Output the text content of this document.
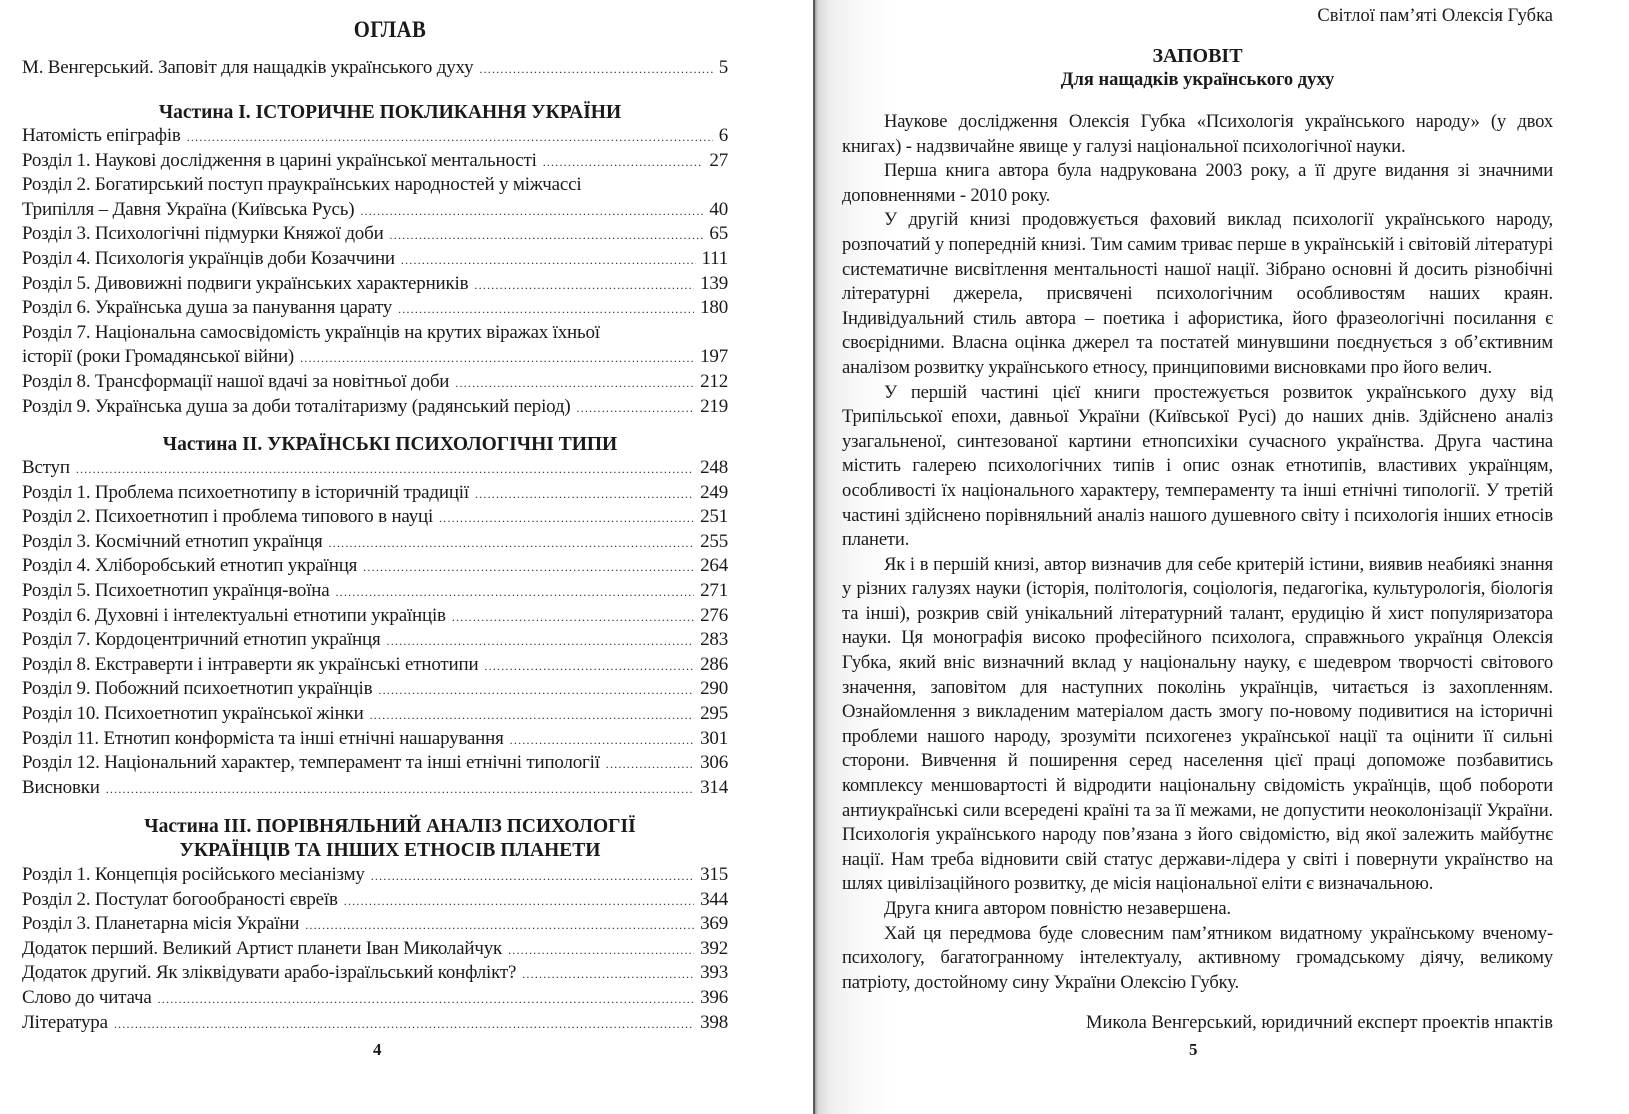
ОГЛАВ
М. Венгерський. Заповіт для нащадків українського духу .....	5
Частина І. ІСТОРИЧНЕ ПОКЛИКАННЯ УКРАЇНИ
Натомість епіграфів .....	6
Розділ 1. Наукові дослідження в царині української ментальності .....	27
Розділ 2. Богатирський поступ праукраїнських народностей у міжчассі
Трипілля – Давня Україна (Київська Русь) .....	40
Розділ 3. Психологічні підмурки Княжої доби .....	65
Розділ 4. Психологія українців доби Козаччини .....	111
Розділ 5. Дивовижні подвиги українських характерників .....	139
Розділ 6. Українська душа за панування царату .....	180
Розділ 7. Національна самосвідомість українців на крутих віражах їхньої
історії (роки Громадянської війни) .....	197
Розділ 8. Трансформації нашої вдачі за новітньої доби .....	212
Розділ 9. Українська душа за доби тоталітаризму (радянський період) .....	219
Частина ІІ. УКРАЇНСЬКІ ПСИХОЛОГІЧНІ ТИПИ
Вступ .....	248
Розділ 1. Проблема психоетнотипу в історичній традиції .....	249
Розділ 2. Психоетнотип і проблема типового в науці .....	251
Розділ 3. Космічний етнотип українця .....	255
Розділ 4. Хліборобський етнотип українця .....	264
Розділ 5. Психоетнотип українця-воїна .....	271
Розділ 6. Духовні і інтелектуальні етнотипи українців .....	276
Розділ 7. Кордоцентричний етнотип українця .....	283
Розділ 8. Екстраверти і інтраверти як українські етнотипи .....	286
Розділ 9. Побожний психоетнотип українців .....	290
Розділ 10. Психоетнотип української жінки .....	295
Розділ 11. Етнотип конформіста та інші етнічні нашарування .....	301
Розділ 12. Національний характер, темперамент та інші етнічні типології .....	306
Висновки .....	314
Частина ІІІ. ПОРІВНЯЛЬНИЙ АНАЛІЗ ПСИХОЛОГІЇ
УКРАЇНЦІВ ТА ІНШИХ ЕТНОСІВ ПЛАНЕТИ
Розділ 1. Концепція російського месіанізму .....	315
Розділ 2. Постулат богообраності євреїв .....	344
Розділ 3. Планетарна місія України .....	369
Додаток перший. Великий Артист планети Іван Миколайчук .....	392
Додаток другий. Як зліквідувати арабо-ізраїльський конфлікт? .....	393
Слово до читача .....	396
Література .....	398
4
Світлої пам’яті Олексія Губка
ЗАПОВІТ
Для нащадків українського духу

Наукове дослідження Олексія Губка «Психологія українського народу» (у двох книгах) - надзвичайне явище у галузі національної психологічної науки.

Перша книга автора була надрукована 2003 року, а її друге видання зі значними доповненнями - 2010 року.

У другій книзі продовжується фаховий виклад психології українського народу, розпочатий у попередній книзі. Тим самим триває перше в українській і світовій літературі систематичне висвітлення ментальності нашої нації. Зібрано основні й досить різнобічні літературні джерела, присвячені психологічним особливостям наших краян. Індивідуальний стиль автора – поетика і афористика, його фразеологічні посилання є своєрідними. Власна оцінка джерел та постатей минувшини поєднується з об’єктивним аналізом розвитку українського етносу, принциповими висновками про його велич.

У першій частині цієї книги простежується розвиток українського духу від Трипільської епохи, давньої України (Київської Русі) до наших днів. Здійснено аналіз узагальненої, синтезованої картини етнопсихіки сучасного українства. Друга частина містить галерею психологічних типів і опис ознак етнотипів, властивих українцям, особливості їх національного характеру, темпераменту та інші етнічні типології. У третій частині здійснено порівняльний аналіз нашого душевного світу і психологія інших етносів планети.

Як і в першій книзі, автор визначив для себе критерій істини, виявив неабиякі знання у різних галузях науки (історія, політологія, соціологія, педагогіка, культурологія, біологія та інші), розкрив свій унікальний літературний талант, ерудицію й хист популяризатора науки. Ця монографія високо професійного психолога, справжнього українця Олексія Губка, який вніс визначний вклад у національну науку, є шедевром творчості світового значення, заповітом для наступних поколінь українців, читається із захопленням. Ознайомлення з викладеним матеріалом дасть змогу по-новому подивитися на історичні проблеми нашого народу, зрозуміти психогенез української нації та оцінити її сильні сторони. Вивчення й поширення серед населення цієї праці допоможе позбавитись комплексу меншовартості й відродити національну свідомість українців, щоб побороти антиукраїнські сили всередені країні та за її межами, не допустити неоколонізації України. Психологія українського народу пов’язана з його свідомістю, від якої залежить майбутнє нації. Нам треба відновити свій статус держави-лідера у світі і повернути українство на шлях цивілізаційного розвитку, де місія національної еліти є визначальною.

Друга книга автором повністю незавершена.

Хай ця передмова буде словесним пам’ятником видатному українському вченому-психологу, багатогранному інтелектуалу, активному громадському діячу, великому патріоту, достойному сину України Олексію Губку.

Микола Венгерський, юридичний експерт проектів нпактів
5
